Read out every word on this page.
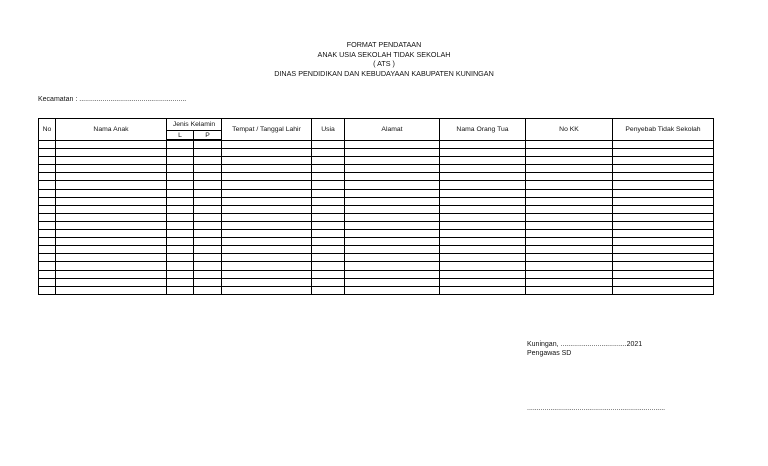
FORMAT PENDATAAN
ANAK USIA SEKOLAH TIDAK SEKOLAH
( ATS )
DINAS PENDIDIKAN DAN KEBUDAYAAN KABUPATEN KUNINGAN
Kecamatan : .......................................................
No	Nama Anak	Jenis Kelamin		Tempat / Tanggal Lahir	Usia	Alamat	Nama Orang Tua	No KK	Penyebab Tidak Sekolah
		L	P						

Kuningan, ..................................2021
Pengawas SD
.......................................................................
